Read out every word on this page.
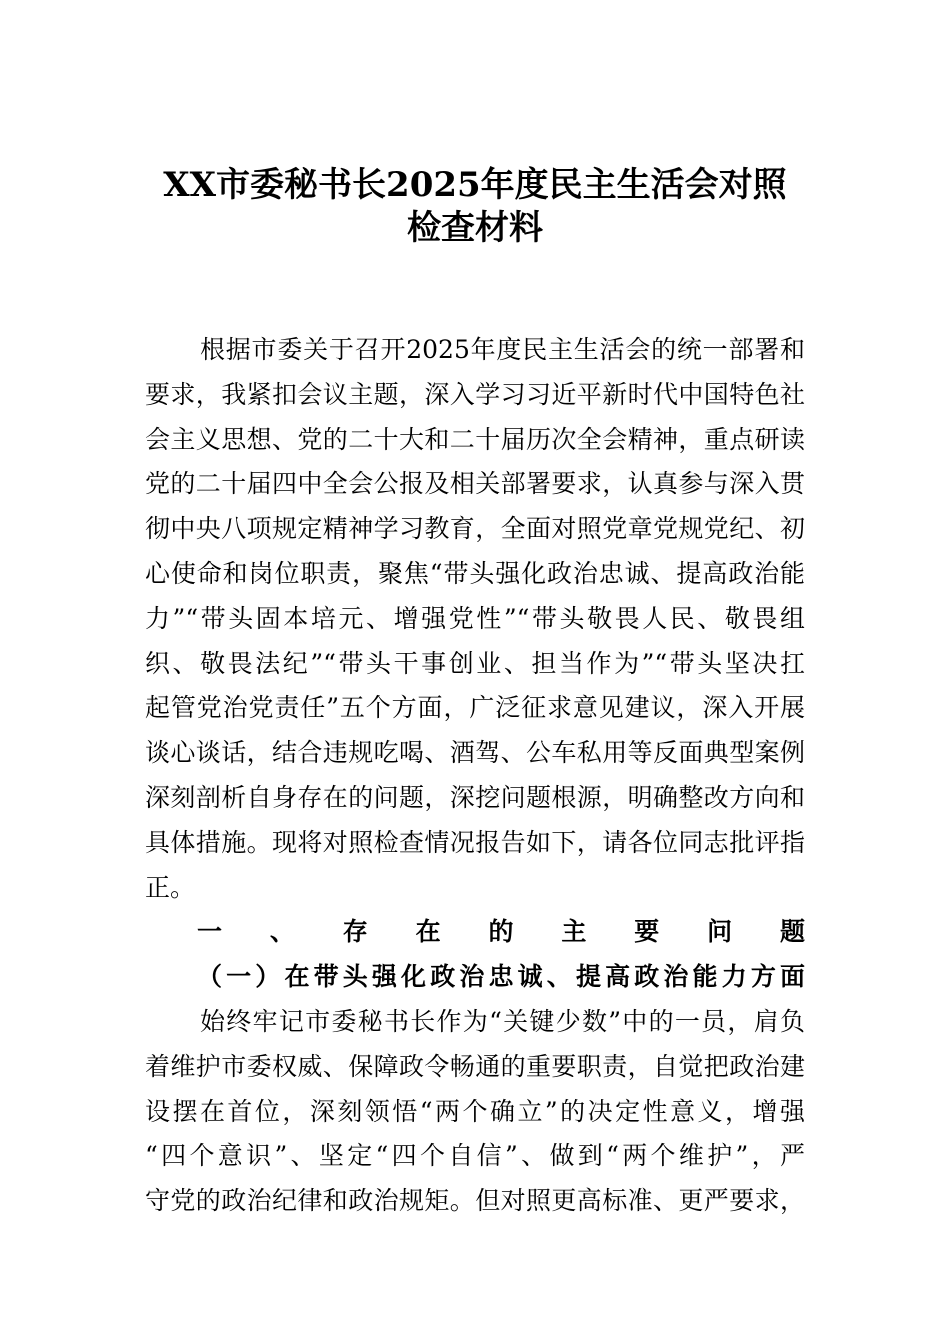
XX市委秘书长2025年度民主生活会对照
检查材料
根据市委关于召开2025年度民主生活会的统一部署和
要求，我紧扣会议主题，深入学习习近平新时代中国特色社
会主义思想、党的二十大和二十届历次全会精神，重点研读
党的二十届四中全会公报及相关部署要求，认真参与深入贯
彻中央八项规定精神学习教育，全面对照党章党规党纪、初
心使命和岗位职责，聚焦“带头强化政治忠诚、提高政治能
力”“带头固本培元、增强党性”“带头敬畏人民、敬畏组
织、敬畏法纪”“带头干事创业、担当作为”“带头坚决扛
起管党治党责任”五个方面，广泛征求意见建议，深入开展
谈心谈话，结合违规吃喝、酒驾、公车私用等反面典型案例
深刻剖析自身存在的问题，深挖问题根源，明确整改方向和
具体措施。现将对照检查情况报告如下，请各位同志批评指
正。
一、存在的主要问题
（一）在带头强化政治忠诚、提高政治能力方面
始终牢记市委秘书长作为“关键少数”中的一员，肩负
着维护市委权威、保障政令畅通的重要职责，自觉把政治建
设摆在首位，深刻领悟“两个确立”的决定性意义，增强
“四个意识”、坚定“四个自信”、做到“两个维护”，严
守党的政治纪律和政治规矩。但对照更高标准、更严要求，
